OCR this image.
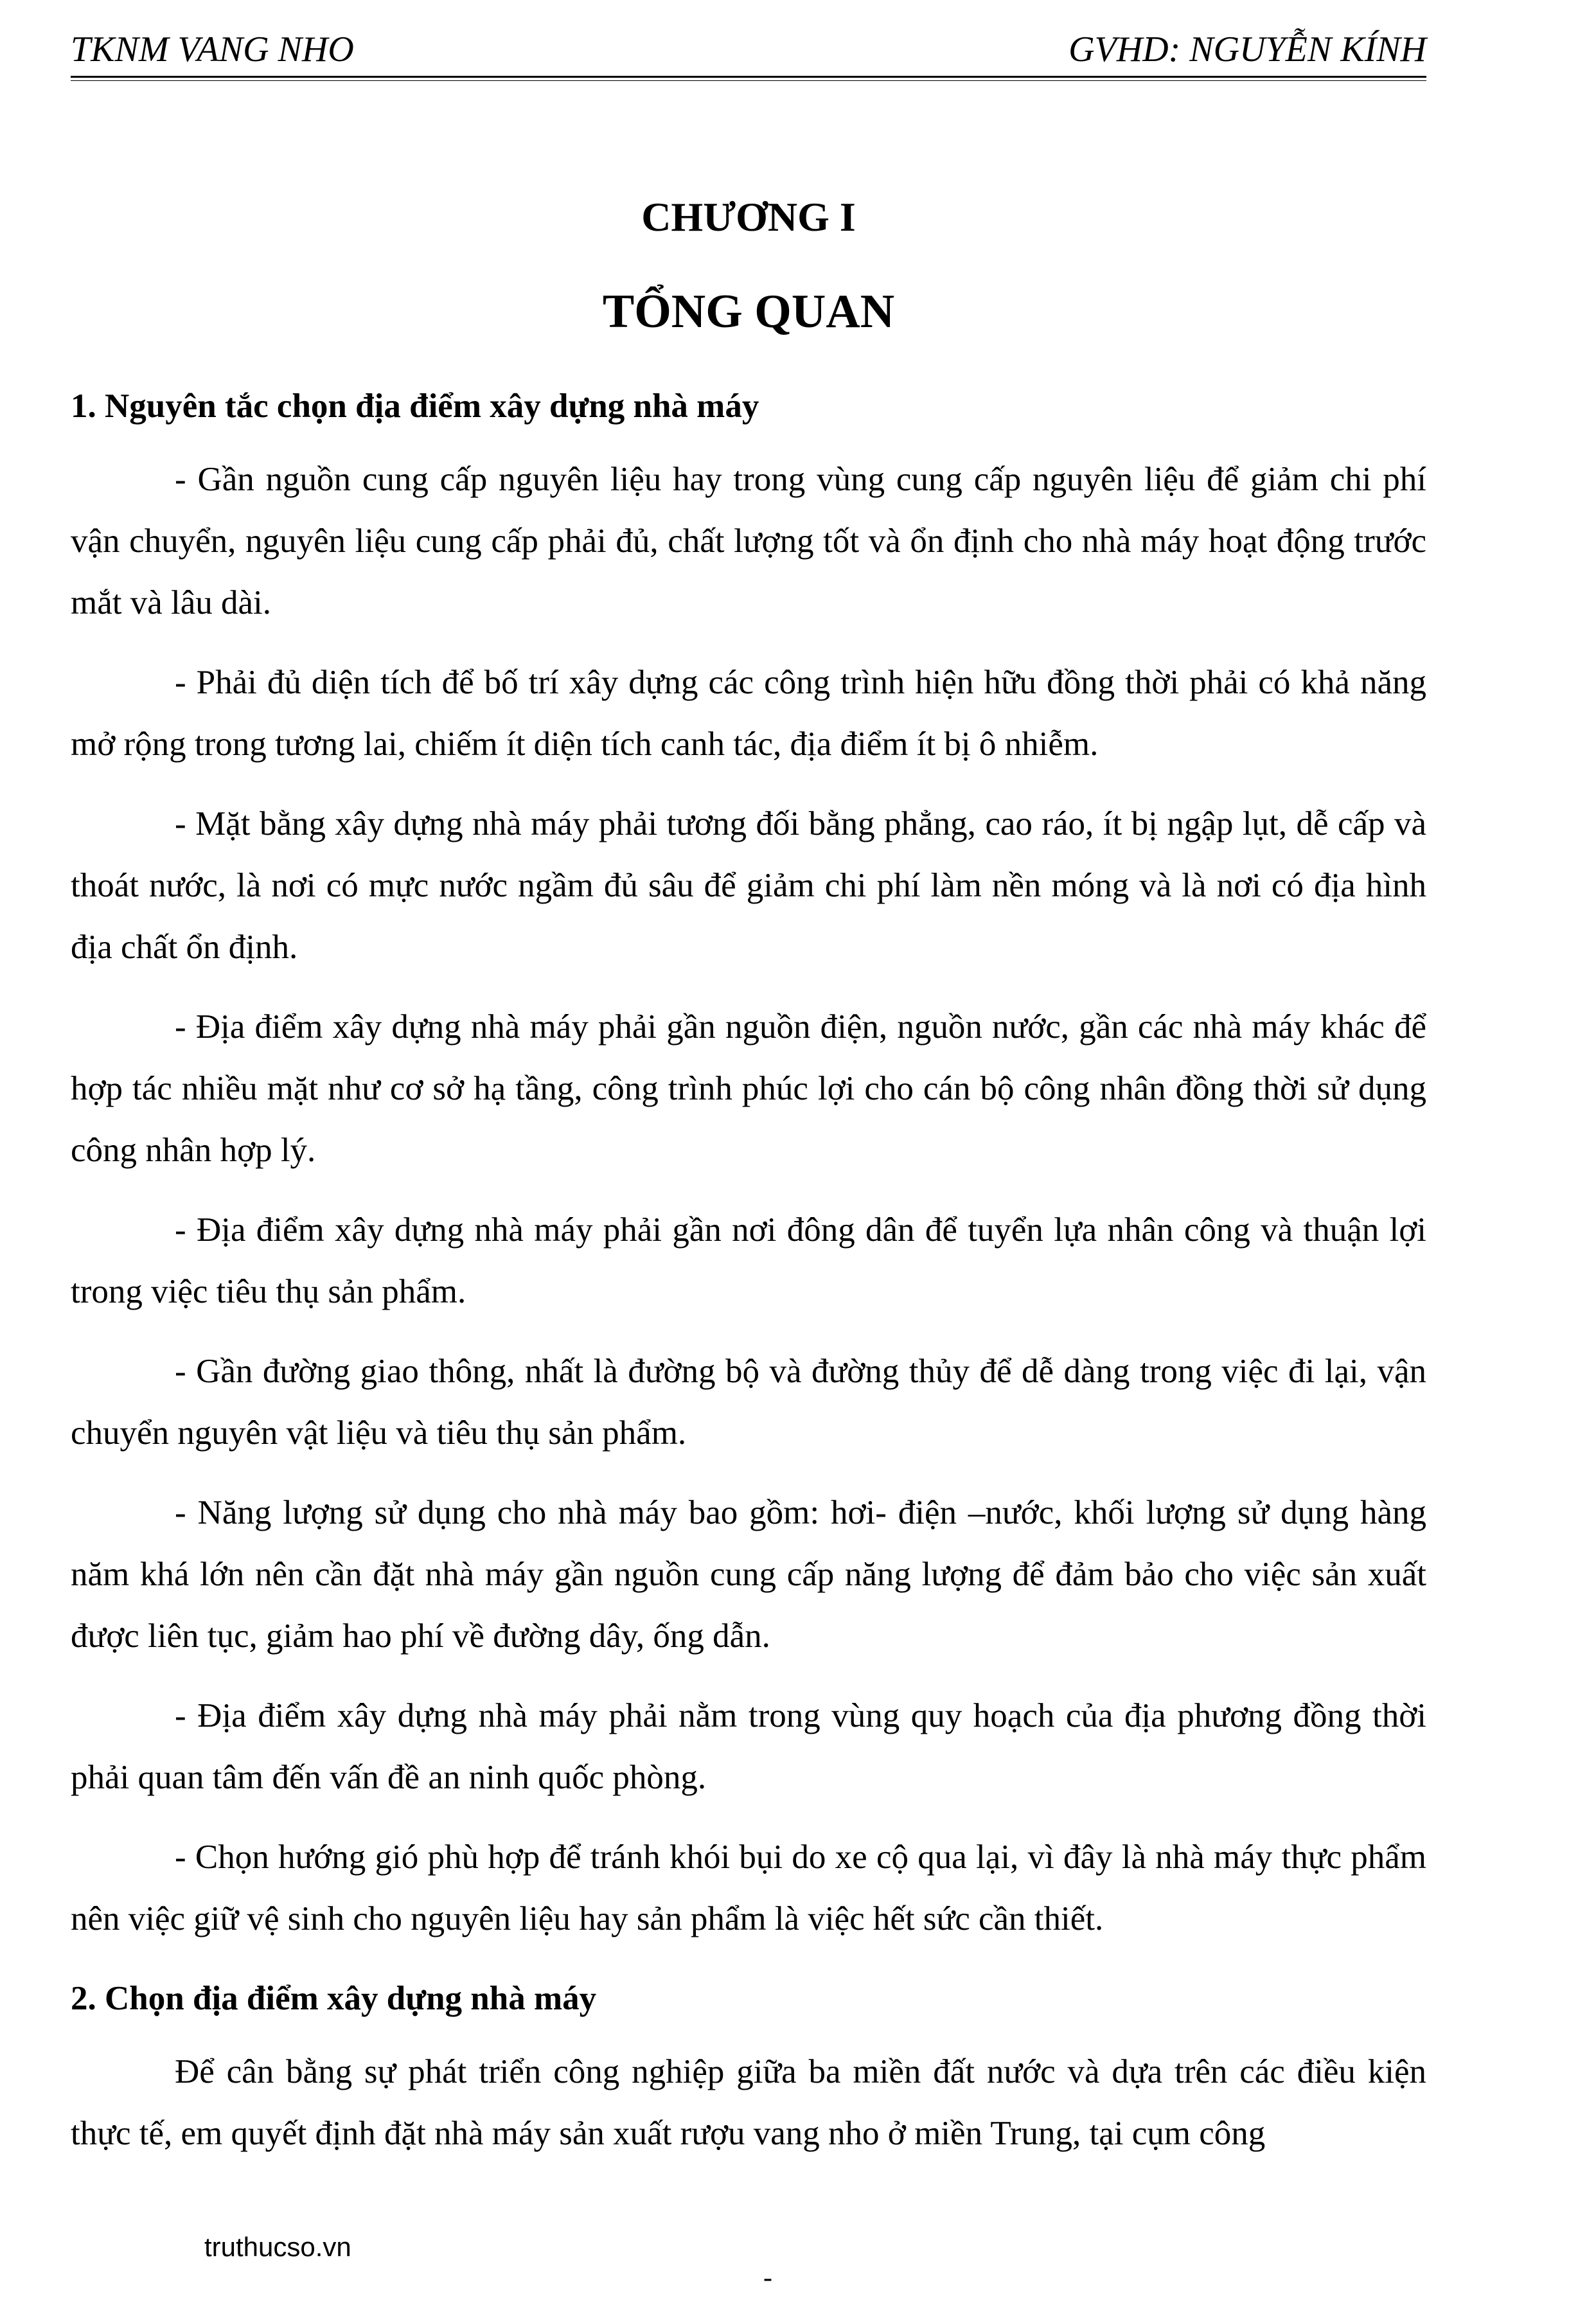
TKNM VANG NHO	GVHD: NGUYỄN KÍNH
CHƯƠNG I
TỔNG QUAN

1. Nguyên tắc chọn địa điểm xây dựng nhà máy

- Gần nguồn cung cấp nguyên liệu hay trong vùng cung cấp nguyên liệu để giảm chi phí vận chuyển, nguyên liệu cung cấp phải đủ, chất lượng tốt và ổn định cho nhà máy hoạt động trước mắt và lâu dài.

- Phải đủ diện tích để bố trí xây dựng các công trình hiện hữu đồng thời phải có khả năng mở rộng trong tương lai, chiếm ít diện tích canh tác, địa điểm ít bị ô nhiễm.

- Mặt bằng xây dựng nhà máy phải tương đối bằng phẳng, cao ráo, ít bị ngập lụt, dễ cấp và thoát nước, là nơi có mực nước ngầm đủ sâu để giảm chi phí làm nền móng và là nơi có địa hình địa chất ổn định.

- Địa điểm xây dựng nhà máy phải gần nguồn điện, nguồn nước, gần các nhà máy khác để hợp tác nhiều mặt như cơ sở hạ tầng, công trình phúc lợi cho cán bộ công nhân đồng thời sử dụng công nhân hợp lý.

- Địa điểm xây dựng nhà máy phải gần nơi đông dân để tuyển lựa nhân công và thuận lợi trong việc tiêu thụ sản phẩm.

- Gần đường giao thông, nhất là đường bộ và đường thủy để dễ dàng trong việc đi lại, vận chuyển nguyên vật liệu và tiêu thụ sản phẩm.

- Năng lượng sử dụng cho nhà máy bao gồm: hơi- điện –nước, khối lượng sử dụng hàng năm khá lớn nên cần đặt nhà máy gần nguồn cung cấp năng lượng để đảm bảo cho việc sản xuất được liên tục, giảm hao phí về đường dây, ống dẫn.

- Địa điểm xây dựng nhà máy phải nằm trong vùng quy hoạch của địa phương đồng thời phải quan tâm đến vấn đề an ninh quốc phòng.

- Chọn hướng gió phù hợp để tránh khói bụi do xe cộ qua lại, vì đây là nhà máy thực phẩm nên việc giữ vệ sinh cho nguyên liệu hay sản phẩm là việc hết sức cần thiết.

2. Chọn địa điểm xây dựng nhà máy

Để cân bằng sự phát triển công nghiệp giữa ba miền đất nước và dựa trên các điều kiện thực tế, em quyết định đặt nhà máy sản xuất rượu vang nho ở miền Trung, tại cụm công

truthucso.vn
-
